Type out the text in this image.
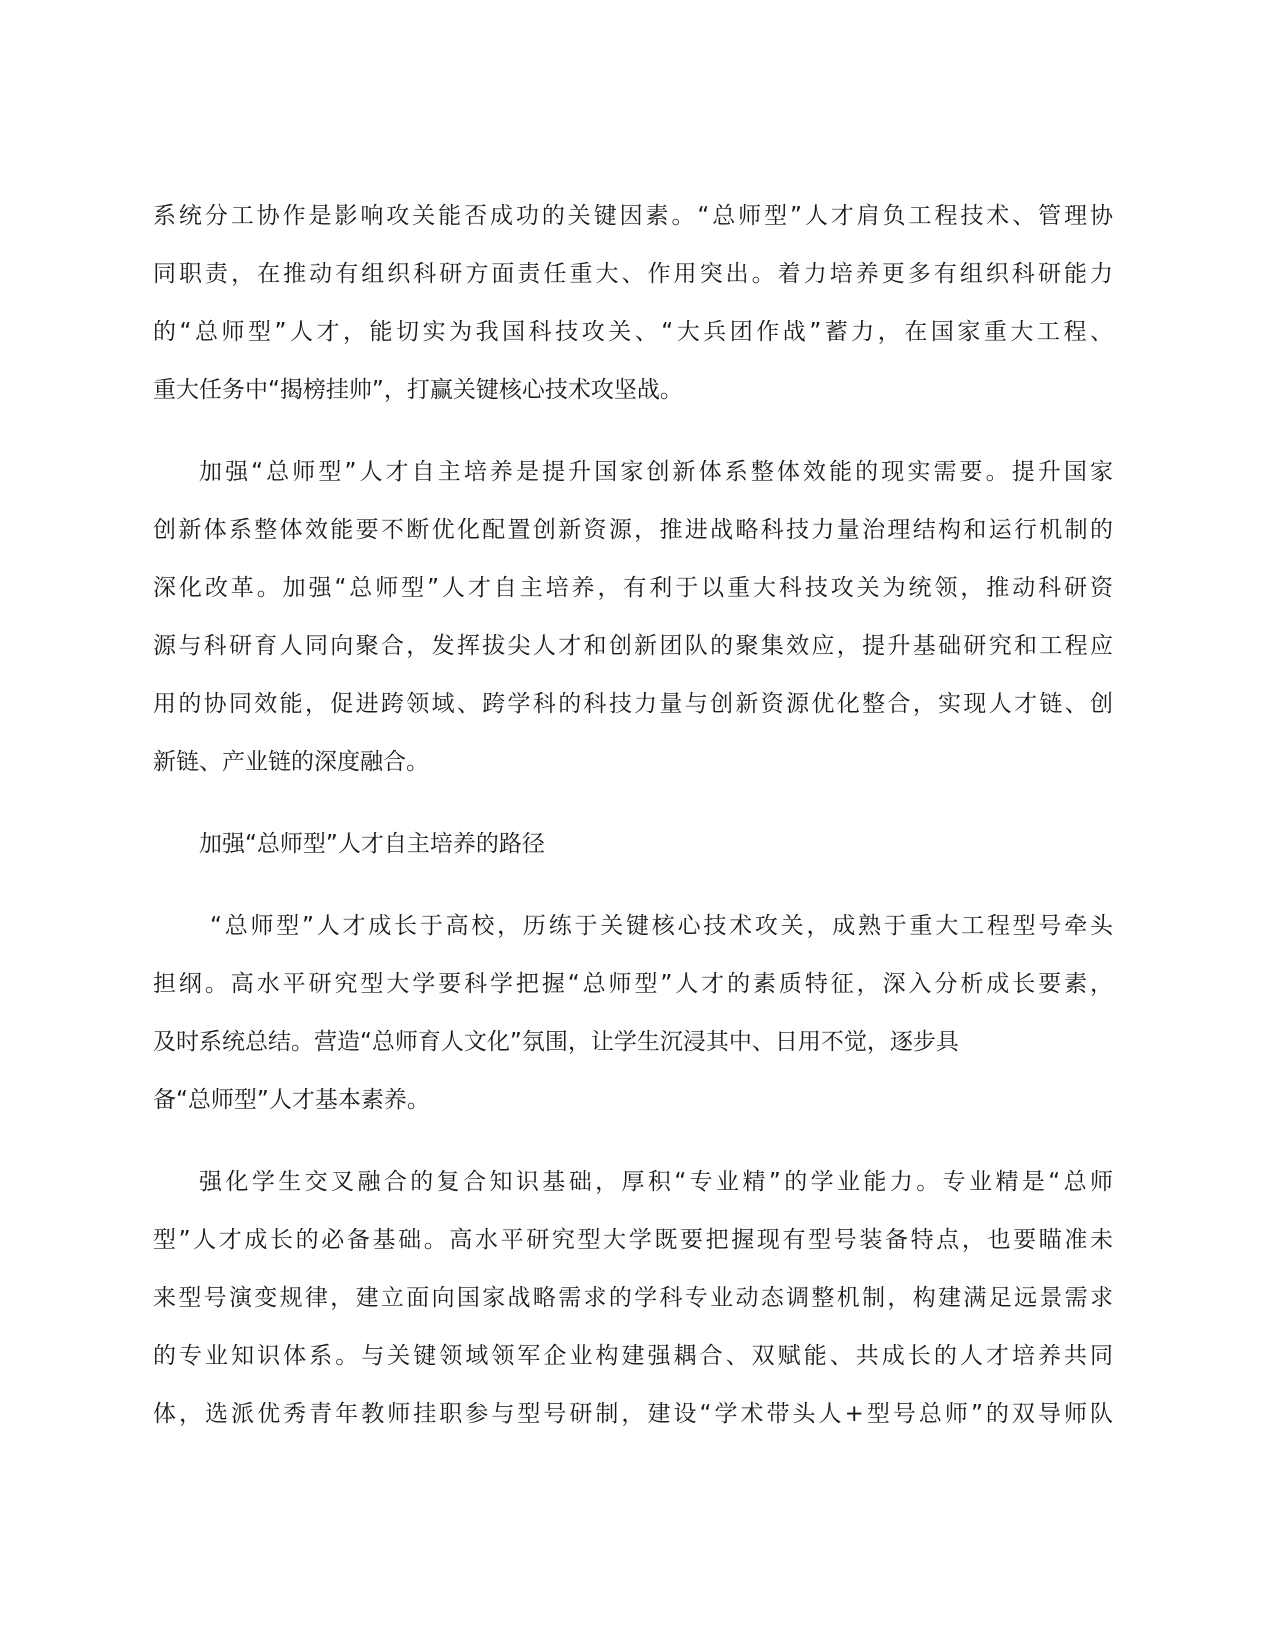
系统分工协作是影响攻关能否成功的关键因素。“总师型”人才肩负工程技术、管理协
同职责，在推动有组织科研方面责任重大、作用突出。着力培养更多有组织科研能力
的“总师型”人才，能切实为我国科技攻关、“大兵团作战”蓄力，在国家重大工程、
重大任务中“揭榜挂帅”，打赢关键核心技术攻坚战。
加强“总师型”人才自主培养是提升国家创新体系整体效能的现实需要。提升国家
创新体系整体效能要不断优化配置创新资源，推进战略科技力量治理结构和运行机制的
深化改革。加强“总师型”人才自主培养，有利于以重大科技攻关为统领，推动科研资
源与科研育人同向聚合，发挥拔尖人才和创新团队的聚集效应，提升基础研究和工程应
用的协同效能，促进跨领域、跨学科的科技力量与创新资源优化整合，实现人才链、创
新链、产业链的深度融合。
加强“总师型”人才自主培养的路径
“总师型”人才成长于高校，历练于关键核心技术攻关，成熟于重大工程型号牵头
担纲。高水平研究型大学要科学把握“总师型”人才的素质特征，深入分析成长要素，
及时系统总结。营造“总师育人文化”氛围，让学生沉浸其中、日用不觉，逐步具
备“总师型”人才基本素养。
强化学生交叉融合的复合知识基础，厚积“专业精”的学业能力。专业精是“总师
型”人才成长的必备基础。高水平研究型大学既要把握现有型号装备特点，也要瞄准未
来型号演变规律，建立面向国家战略需求的学科专业动态调整机制，构建满足远景需求
的专业知识体系。与关键领域领军企业构建强耦合、双赋能、共成长的人才培养共同
体，选派优秀青年教师挂职参与型号研制，建设“学术带头人+型号总师”的双导师队
